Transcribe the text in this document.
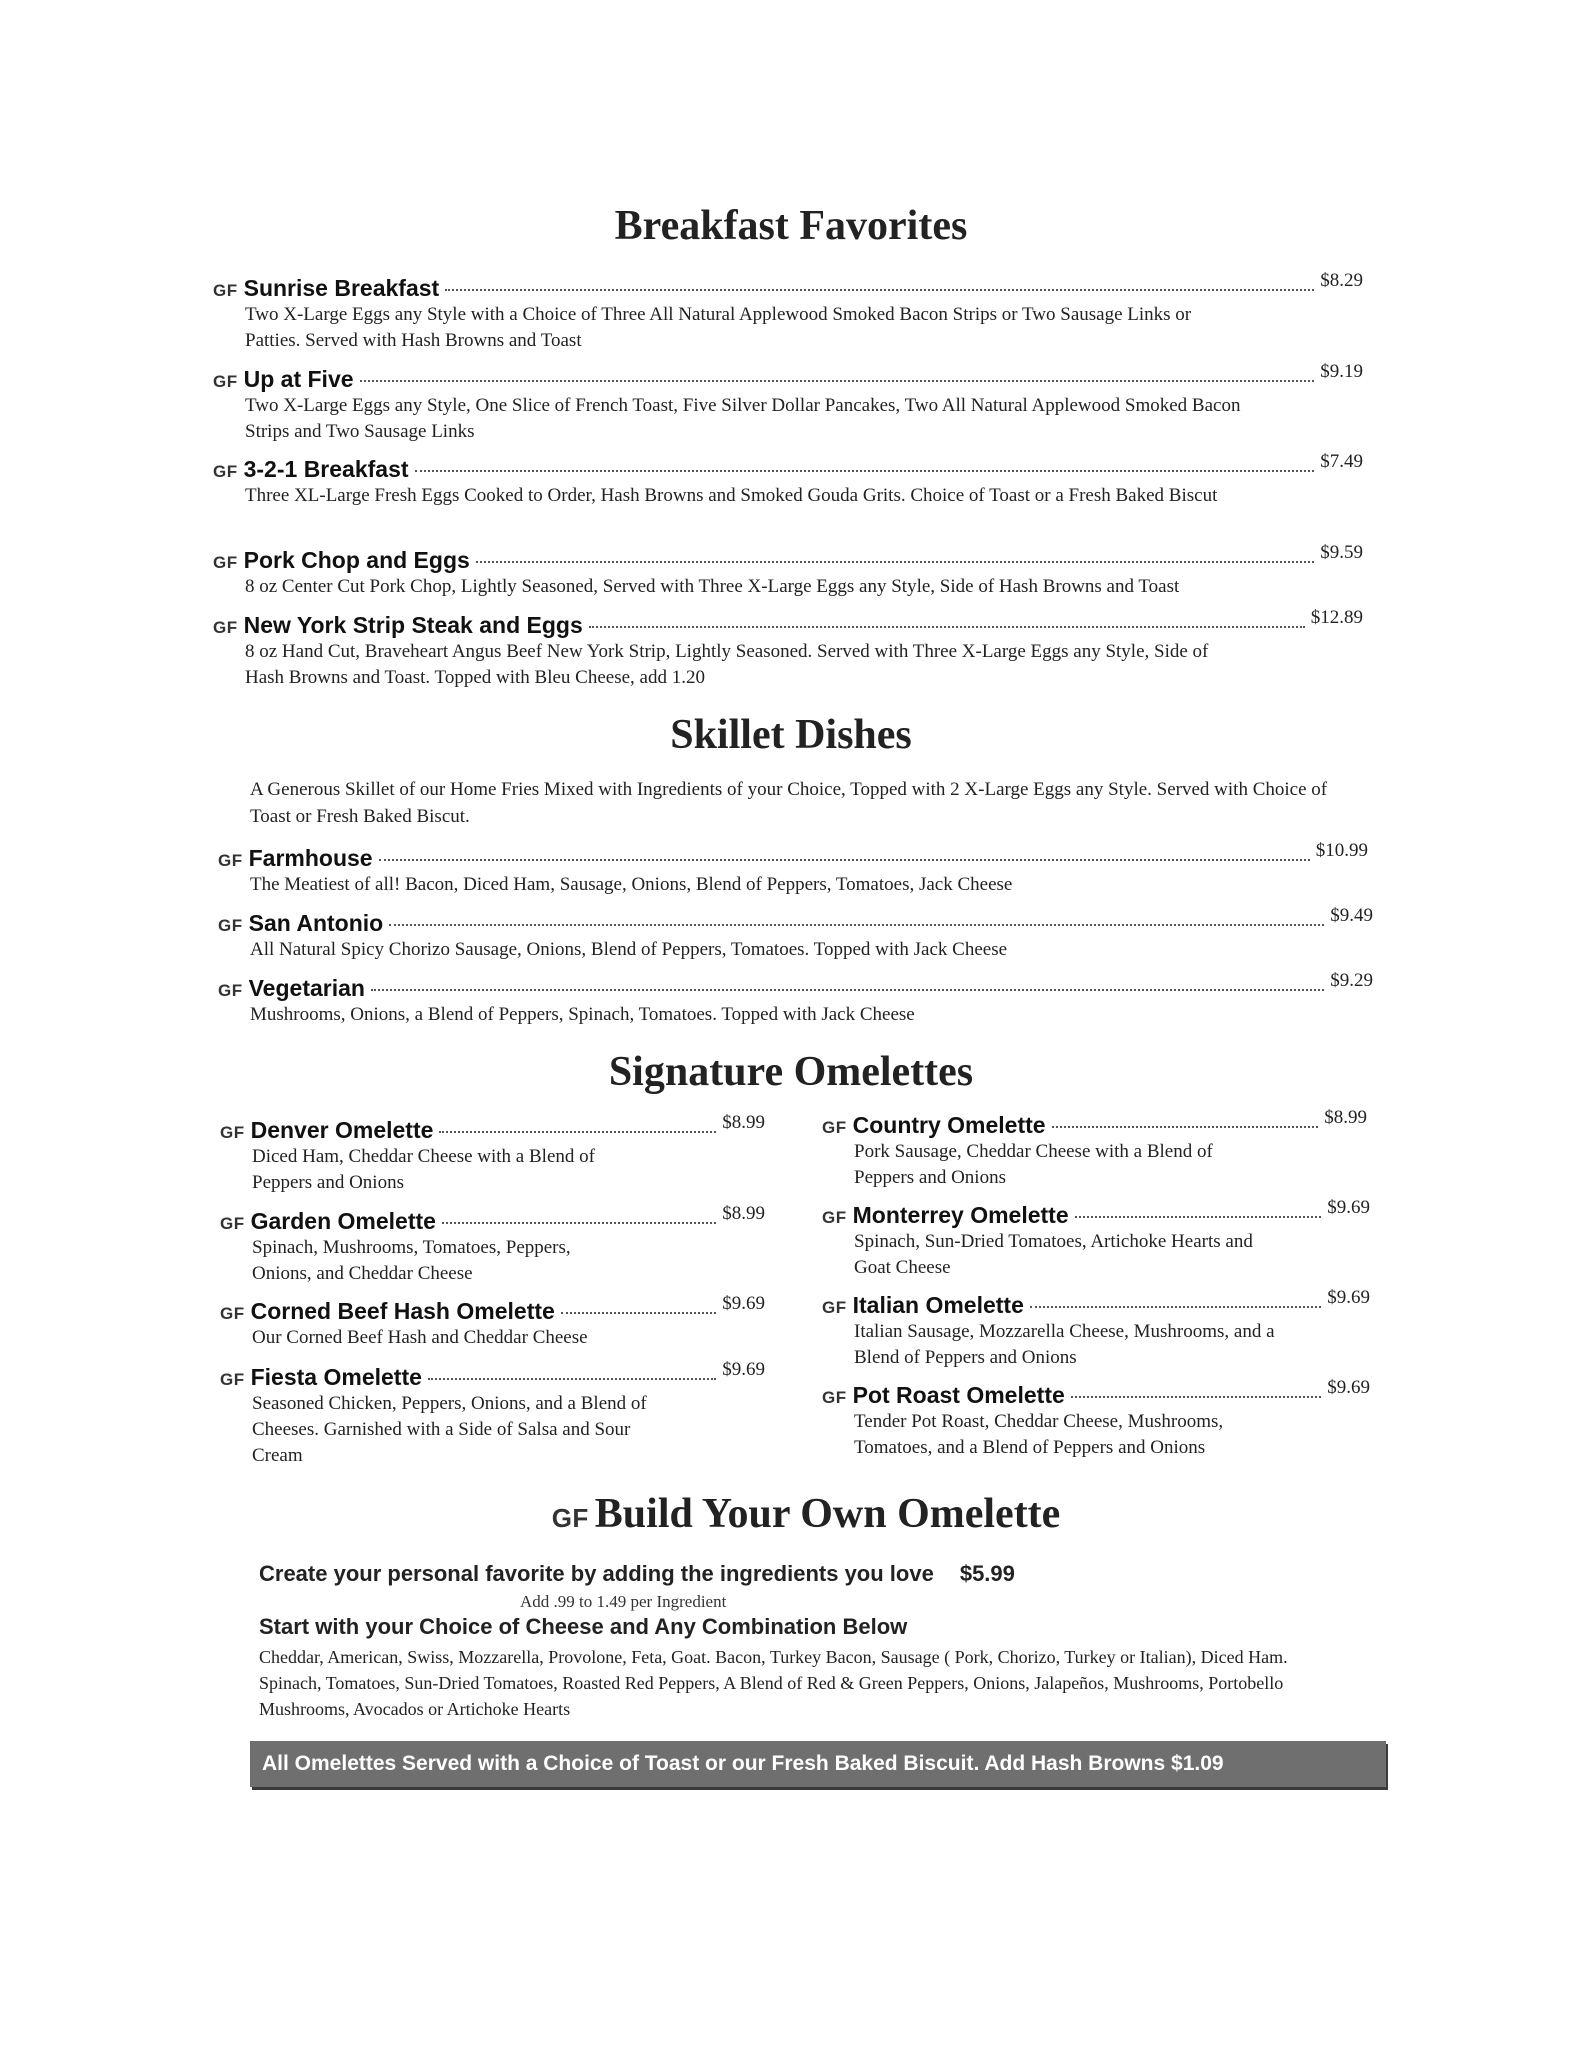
Breakfast Favorites
GF Sunrise Breakfast	$8.29
Two X-Large Eggs any Style with a Choice of Three All Natural Applewood Smoked Bacon Strips or Two Sausage Links or Patties. Served with Hash Browns and Toast
GF Up at Five	$9.19
Two X-Large Eggs any Style, One Slice of French Toast, Five Silver Dollar Pancakes, Two All Natural Applewood Smoked Bacon Strips and Two Sausage Links
GF 3-2-1 Breakfast	$7.49
Three XL-Large Fresh Eggs Cooked to Order, Hash Browns and Smoked Gouda Grits. Choice of Toast or a Fresh Baked Biscut
GF Pork Chop and Eggs	$9.59
8 oz Center Cut Pork Chop, Lightly Seasoned, Served with Three X-Large Eggs any Style, Side of Hash Browns and Toast
GF New York Strip Steak and Eggs	$12.89
8 oz Hand Cut, Braveheart Angus Beef New York Strip, Lightly Seasoned. Served with Three X-Large Eggs any Style, Side of Hash Browns and Toast. Topped with Bleu Cheese, add 1.20
Skillet Dishes
A Generous Skillet of our Home Fries Mixed with Ingredients of your Choice, Topped with 2 X-Large Eggs any Style. Served with Choice of Toast or Fresh Baked Biscut.
GF Farmhouse	$10.99
The Meatiest of all! Bacon, Diced Ham, Sausage, Onions, Blend of Peppers, Tomatoes, Jack Cheese
GF San Antonio	$9.49
All Natural Spicy Chorizo Sausage, Onions, Blend of Peppers, Tomatoes. Topped with Jack Cheese
GF Vegetarian	$9.29
Mushrooms, Onions, a Blend of Peppers, Spinach, Tomatoes. Topped with Jack Cheese
Signature Omelettes
GF Denver Omelette	$8.99
Diced Ham, Cheddar Cheese with a Blend of Peppers and Onions
GF Garden Omelette	$8.99
Spinach, Mushrooms, Tomatoes, Peppers, Onions, and Cheddar Cheese
GF Corned Beef Hash Omelette	$9.69
Our Corned Beef Hash and Cheddar Cheese
GF Fiesta Omelette	$9.69
Seasoned Chicken, Peppers, Onions, and a Blend of Cheeses. Garnished with a Side of Salsa and Sour Cream
GF Country Omelette	$8.99
Pork Sausage, Cheddar Cheese with a Blend of Peppers and Onions
GF Monterrey Omelette	$9.69
Spinach, Sun-Dried Tomatoes, Artichoke Hearts and Goat Cheese
GF Italian Omelette	$9.69
Italian Sausage, Mozzarella Cheese, Mushrooms, and a Blend of Peppers and Onions
GF Pot Roast Omelette	$9.69
Tender Pot Roast, Cheddar Cheese, Mushrooms, Tomatoes, and a Blend of Peppers and Onions
GF Build Your Own Omelette
Create your personal favorite by adding the ingredients you love $5.99
Add .99 to 1.49 per Ingredient
Start with your Choice of Cheese and Any Combination Below
Cheddar, American, Swiss, Mozzarella, Provolone, Feta, Goat. Bacon, Turkey Bacon, Sausage ( Pork, Chorizo, Turkey or Italian), Diced Ham. Spinach, Tomatoes, Sun-Dried Tomatoes, Roasted Red Peppers, A Blend of Red & Green Peppers, Onions, Jalapeños, Mushrooms, Portobello Mushrooms, Avocados or Artichoke Hearts
All Omelettes Served with a Choice of Toast or our Fresh Baked Biscuit. Add Hash Browns $1.09
